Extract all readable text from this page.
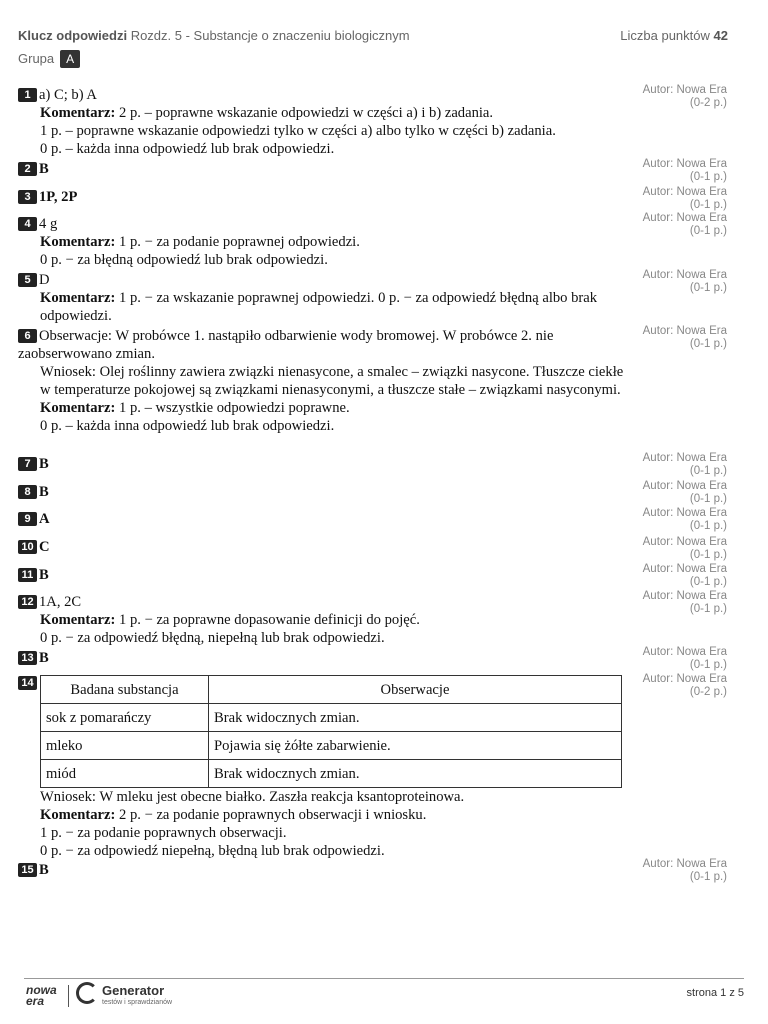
Klucz odpowiedzi Rozdz. 5 - Substancje o znaczeniu biologicznym	Liczba punktów 42
Grupa A
1 a) C; b) A
Komentarz: 2 p. – poprawne wskazanie odpowiedzi w części a) i b) zadania.
1 p. – poprawne wskazanie odpowiedzi tylko w części a) albo tylko w części b) zadania.
0 p. – każda inna odpowiedź lub brak odpowiedzi.
Autor: Nowa Era
(0-2 p.)
2 B	Autor: Nowa Era
(0-1 p.)
3 1P, 2P	Autor: Nowa Era
(0-1 p.)
4 4 g
Komentarz: 1 p. − za podanie poprawnej odpowiedzi.
0 p. − za błędną odpowiedź lub brak odpowiedzi.
Autor: Nowa Era
(0-1 p.)
5 D
Komentarz: 1 p. − za wskazanie poprawnej odpowiedzi. 0 p. − za odpowiedź błędną albo brak odpowiedzi.
Autor: Nowa Era
(0-1 p.)
6 Obserwacje: W probówce 1. nastąpiło odbarwienie wody bromowej. W probówce 2. nie zaobserwowano zmian.
Wniosek: Olej roślinny zawiera związki nienasycone, a smalec – związki nasycone. Tłuszcze ciekłe w temperaturze pokojowej są związkami nienasyconymi, a tłuszcze stałe – związkami nasyconymi.
Komentarz: 1 p. – wszystkie odpowiedzi poprawne.
0 p. – każda inna odpowiedź lub brak odpowiedzi.
Autor: Nowa Era
(0-1 p.)
7 B	Autor: Nowa Era
(0-1 p.)
8 B	Autor: Nowa Era
(0-1 p.)
9 A	Autor: Nowa Era
(0-1 p.)
10 C	Autor: Nowa Era
(0-1 p.)
11 B	Autor: Nowa Era
(0-1 p.)
12 1A, 2C
Komentarz: 1 p. − za poprawne dopasowanie definicji do pojęć.
0 p. − za odpowiedź błędną, niepełną lub brak odpowiedzi.
Autor: Nowa Era
(0-1 p.)
13 B	Autor: Nowa Era
(0-1 p.)
14	Badana substancja	Obserwacje
sok z pomarańczy	Brak widocznych zmian.
mleko	Pojawia się żółte zabarwienie.
miód	Brak widocznych zmian.
Wniosek: W mleku jest obecne białko. Zaszła reakcja ksantoproteinowa.
Komentarz: 2 p. − za podanie poprawnych obserwacji i wniosku.
1 p. − za podanie poprawnych obserwacji.
0 p. − za odpowiedź niepełną, błędną lub brak odpowiedzi.
Autor: Nowa Era
(0-2 p.)
15 B	Autor: Nowa Era
(0-1 p.)
nowa
era
Generator
testów i sprawdzianów
strona 1 z 5
